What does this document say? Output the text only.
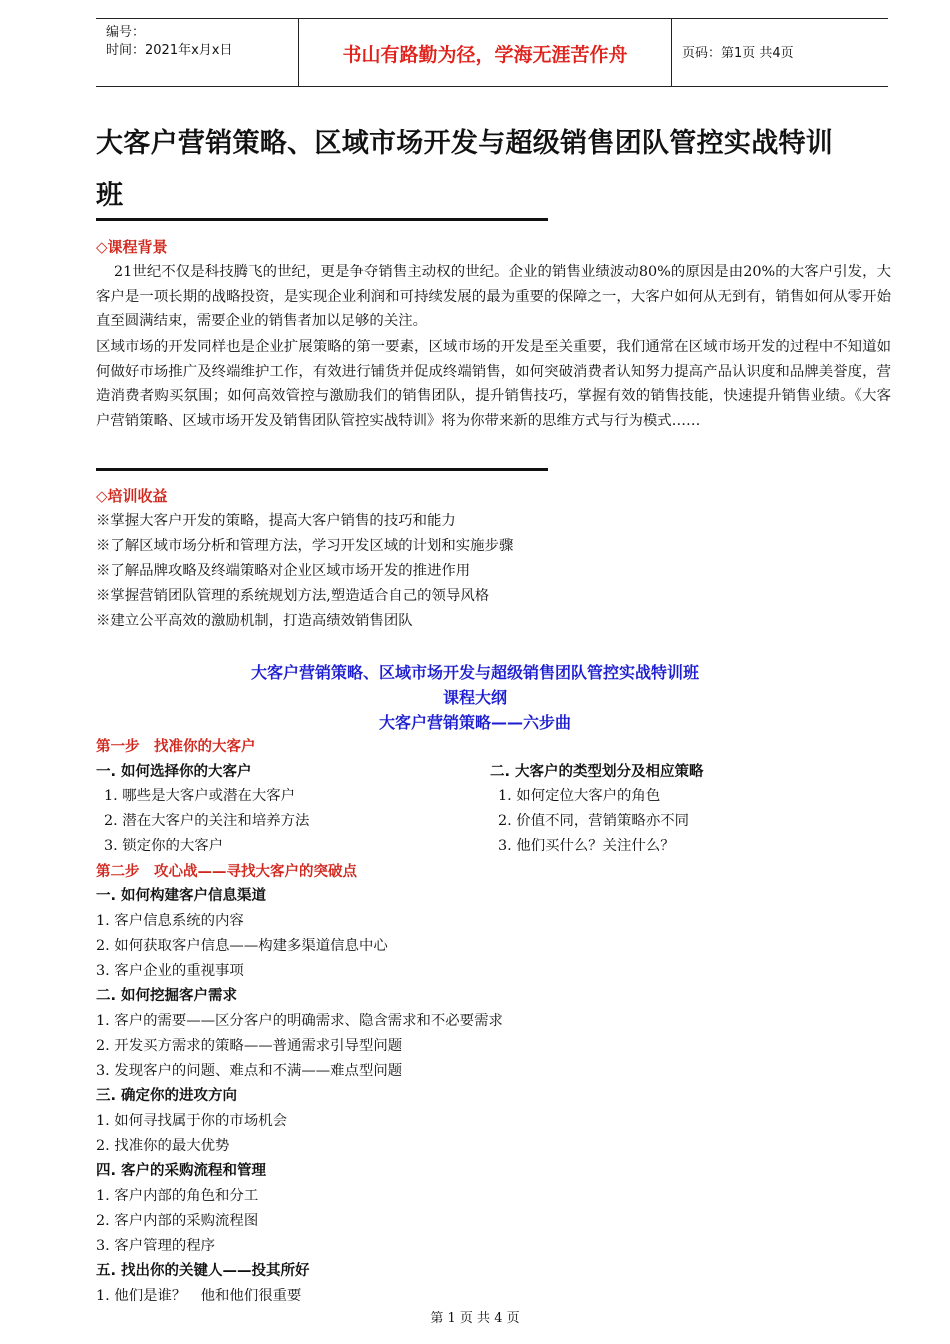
编号：
时间：2021年x月x日	书山有路勤为径，学海无涯苦作舟	页码：第1页 共4页
大客户营销策略、区域市场开发与超级销售团队管控实战特训
班
◇课程背景
21世纪不仅是科技腾飞的世纪，更是争夺销售主动权的世纪。企业的销售业绩波动80%的原因是由20%的大客户引发，大客户是一项长期的战略投资，是实现企业利润和可持续发展的最为重要的保障之一，大客户如何从无到有，销售如何从零开始直至圆满结束，需要企业的销售者加以足够的关注。
区域市场的开发同样也是企业扩展策略的第一要素，区域市场的开发是至关重要，我们通常在区域市场开发的过程中不知道如何做好市场推广及终端维护工作，有效进行铺货并促成终端销售，如何突破消费者认知努力提高产品认识度和品牌美誉度，营造消费者购买氛围；如何高效管控与激励我们的销售团队，提升销售技巧，掌握有效的销售技能，快速提升销售业绩。《大客户营销策略、区域市场开发及销售团队管控实战特训》将为你带来新的思维方式与行为模式……
◇培训收益
※掌握大客户开发的策略，提高大客户销售的技巧和能力
※了解区域市场分析和管理方法，学习开发区域的计划和实施步骤
※了解品牌攻略及终端策略对企业区域市场开发的推进作用
※掌握营销团队管理的系统规划方法,塑造适合自己的领导风格
※建立公平高效的激励机制，打造高绩效销售团队
大客户营销策略、区域市场开发与超级销售团队管控实战特训班
课程大纲
大客户营销策略——六步曲
第一步　找准你的大客户
一. 如何选择你的大客户	二. 大客户的类型划分及相应策略
1. 哪些是大客户或潜在大客户
2. 潜在大客户的关注和培养方法
3. 锁定你的大客户
1. 如何定位大客户的角色
2. 价值不同，营销策略亦不同
3. 他们买什么？关注什么？
第二步　攻心战——寻找大客户的突破点
一. 如何构建客户信息渠道
1. 客户信息系统的内容
2. 如何获取客户信息——构建多渠道信息中心
3. 客户企业的重视事项
二. 如何挖掘客户需求
1. 客户的需要——区分客户的明确需求、隐含需求和不必要需求
2. 开发买方需求的策略——普通需求引导型问题
3. 发现客户的问题、难点和不满——难点型问题
三. 确定你的进攻方向
1. 如何寻找属于你的市场机会
2. 找准你的最大优势
四. 客户的采购流程和管理
1. 客户内部的角色和分工
2. 客户内部的采购流程图
3. 客户管理的程序
五. 找出你的关键人——投其所好
1. 他们是谁？　他和他们很重要
第 1 页 共 4 页
